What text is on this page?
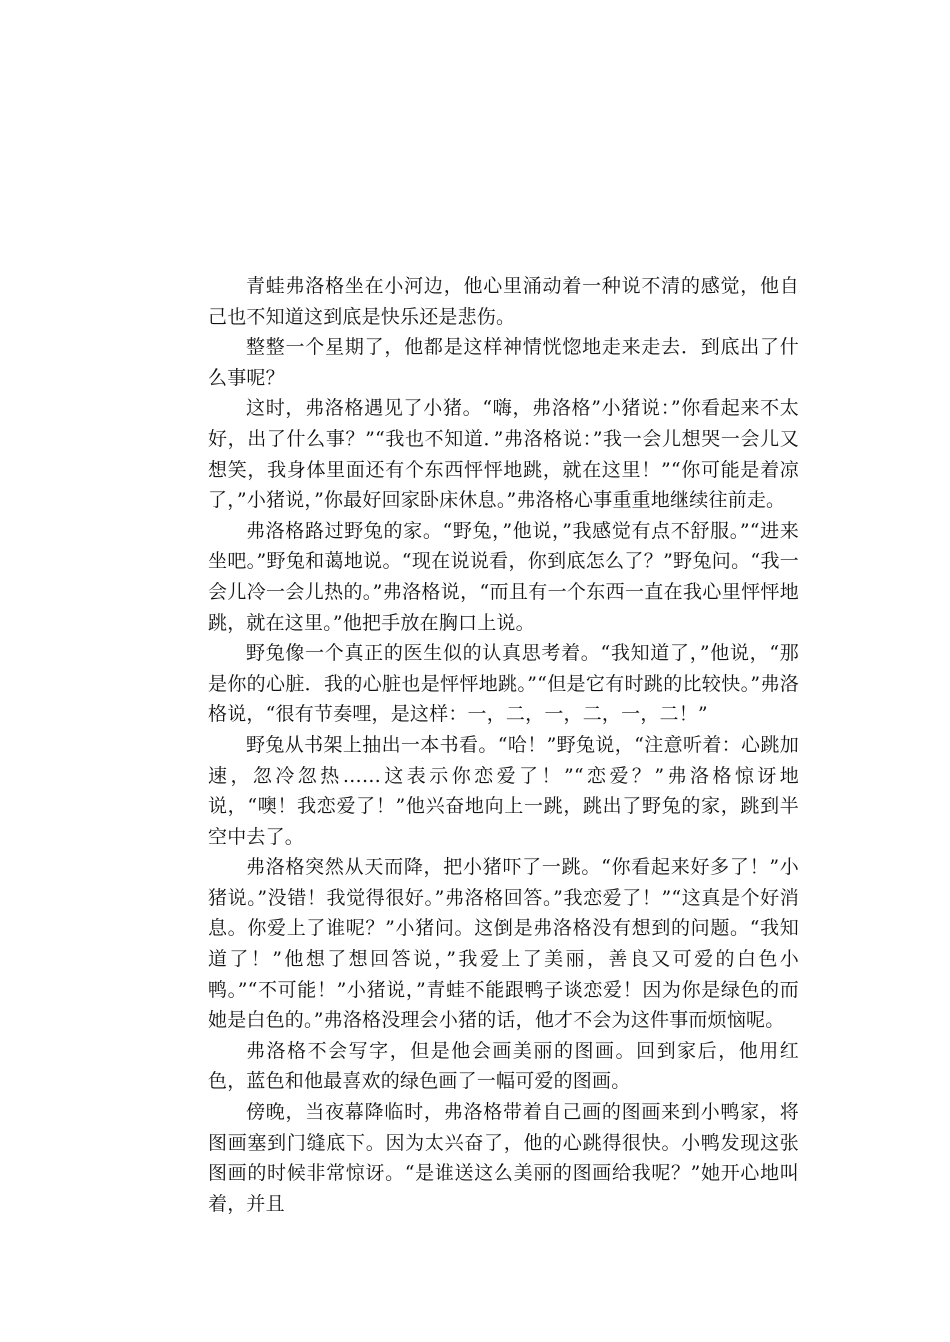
青蛙弗洛格坐在小河边，他心里涌动着一种说不清的感觉，他自己也不知道这到底是快乐还是悲伤。

整整一个星期了，他都是这样神情恍惚地走来走去．到底出了什么事呢？

这时，弗洛格遇见了小猪。“嗨，弗洛格”小猪说：”你看起来不太好，出了什么事？”“我也不知道．”弗洛格说：”我一会儿想哭一会儿又想笑，我身体里面还有个东西怦怦地跳，就在这里！”“你可能是着凉了，”小猪说，”你最好回家卧床休息。”弗洛格心事重重地继续往前走。

弗洛格路过野兔的家。“野兔，”他说，”我感觉有点不舒服。”“进来坐吧。”野兔和蔼地说。“现在说说看，你到底怎么了？”野兔问。“我一会儿冷一会儿热的。”弗洛格说，“而且有一个东西一直在我心里怦怦地跳，就在这里。”他把手放在胸口上说。

野兔像一个真正的医生似的认真思考着。“我知道了，”他说，“那是你的心脏．我的心脏也是怦怦地跳。”“但是它有时跳的比较快。”弗洛格说，“很有节奏哩，是这样：一，二，一，二，一，二！”

野兔从书架上抽出一本书看。“哈！”野兔说，“注意听着：心跳加速，忽冷忽热……这表示你恋爱了！”“恋爱？”弗洛格惊讶地说，“噢！我恋爱了！”他兴奋地向上一跳，跳出了野兔的家，跳到半空中去了。

弗洛格突然从天而降，把小猪吓了一跳。“你看起来好多了！”小猪说。”没错！我觉得很好。”弗洛格回答。”我恋爱了！”“这真是个好消息。你爱上了谁呢？”小猪问。这倒是弗洛格没有想到的问题。“我知道了！”他想了想回答说，”我爱上了美丽，善良又可爱的白色小鸭。”“不可能！”小猪说，”青蛙不能跟鸭子谈恋爱！因为你是绿色的而她是白色的。”弗洛格没理会小猪的话，他才不会为这件事而烦恼呢。

弗洛格不会写字，但是他会画美丽的图画。回到家后，他用红色，蓝色和他最喜欢的绿色画了一幅可爱的图画。

傍晚，当夜幕降临时，弗洛格带着自己画的图画来到小鸭家，将图画塞到门缝底下。因为太兴奋了，他的心跳得很快。小鸭发现这张图画的时候非常惊讶。“是谁送这么美丽的图画给我呢？”她开心地叫着，并且
